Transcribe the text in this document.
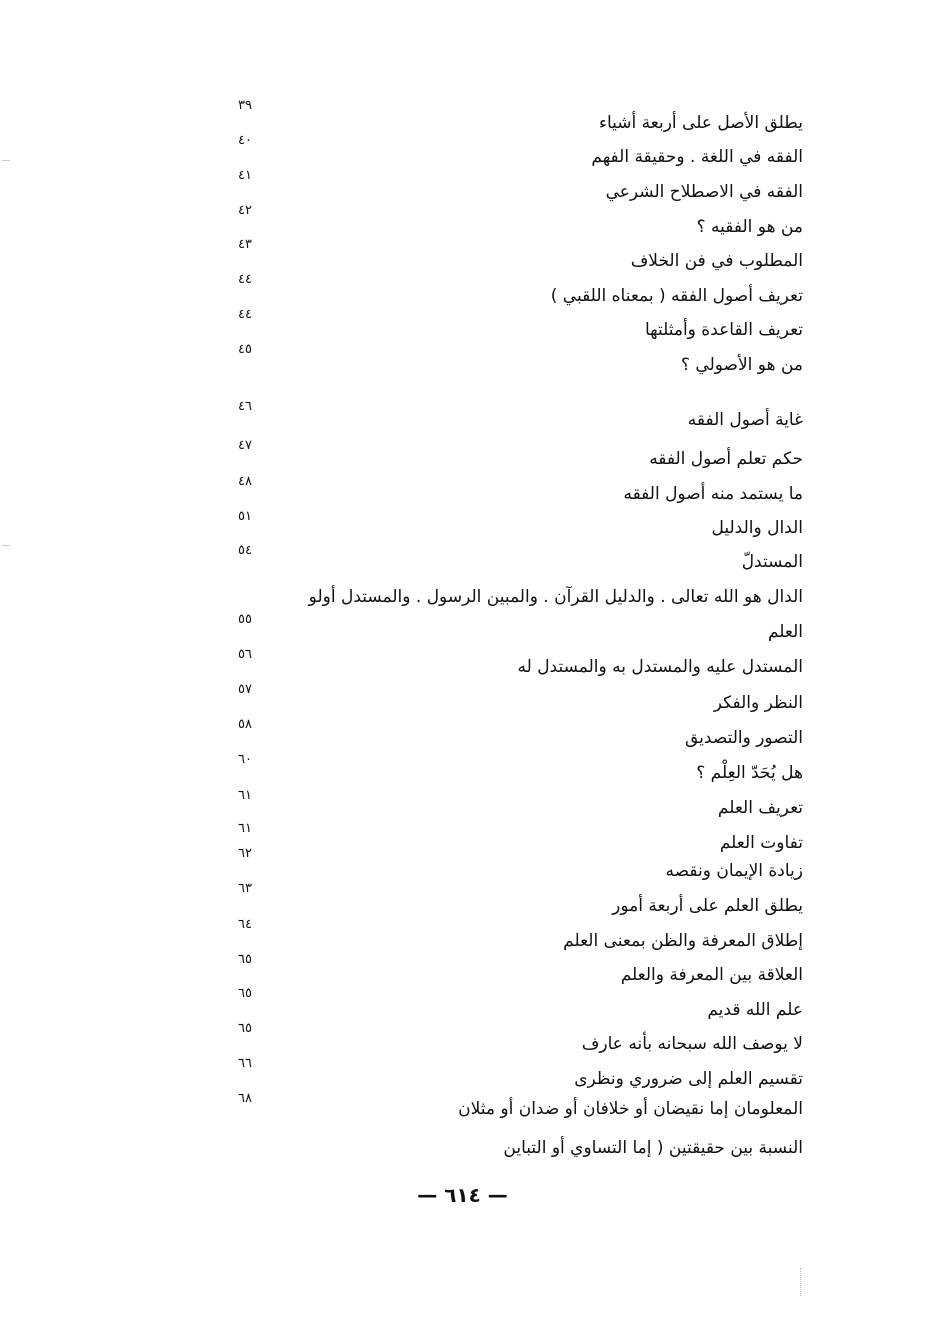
يطلق الأصل على أربعة أشياء
الفقه في اللغة . وحقيقة الفهم
الفقه في الاصطلاح الشرعي
من هو الفقيه ؟
المطلوب في فن الخلاف
تعريف أصول الفقه ( بمعناه اللقبي )
تعريف القاعدة وأمثلتها
من هو الأصولي ؟
غاية أصول الفقه
حكم تعلم أصول الفقه
ما يستمد منه أصول الفقه
الدال والدليل
المستدلّ
الدال هو الله تعالى . والدليل القرآن . والمبين الرسول . والمستدل أولو
العلم
المستدل عليه والمستدل به والمستدل له
النظر والفكر
التصور والتصديق
هل يُحَدّ العِلْم ؟
تعريف العلم
تفاوت العلم
زيادة الإيمان ونقصه
يطلق العلم على أربعة أمور
إطلاق المعرفة والظن بمعنى العلم
العلاقة بين المعرفة والعلم
علم الله قديم
لا يوصف الله سبحانه بأنه عارف
تقسيم العلم إلى ضروري ونظرى
المعلومان إما نقيضان أو خلافان أو ضدان أو مثلان
النسبة بين حقيقتين ( إما التساوي أو التباين
٣٩
٤٠
٤١
٤٢
٤٣
٤٤
٤٤
٤٥
٤٦
٤٧
٤٨
٥١
٥٤
٥٥
٥٦
٥٧
٥٨
٦٠
٦١
٦١
٦٢
٦٣
٦٤
٦٥
٦٥
٦٥
٦٦
٦٨
— ٦١٤ —
